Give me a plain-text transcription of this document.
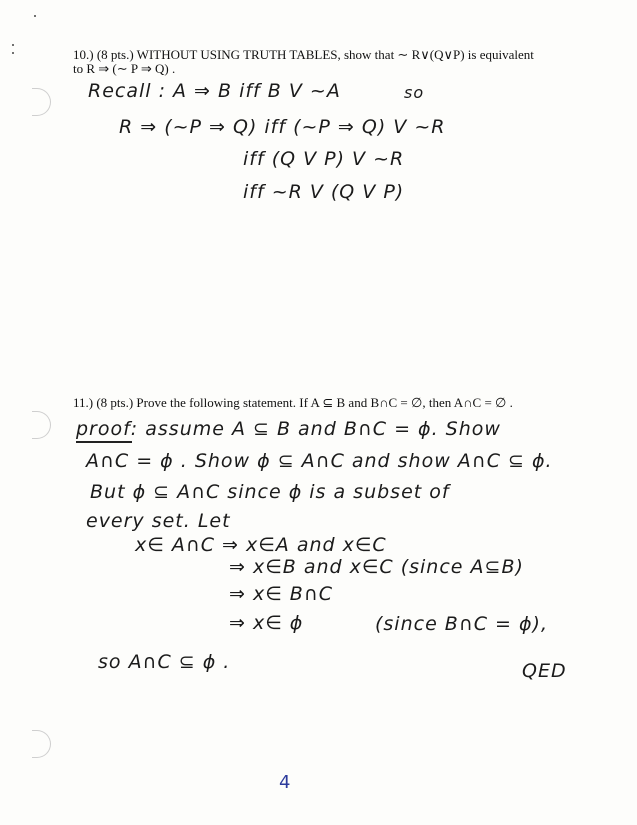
10.) (8 pts.) WITHOUT USING TRUTH TABLES, show that ∼ R∨(Q∨P) is equivalent
to R ⇒ (∼ P ⇒ Q) .
Recall : A ⇒ B iff B V ~A	so
R ⇒ (~P ⇒ Q) iff (~P ⇒ Q) V ~R
iff (Q V P) V ~R
iff ~R V (Q V P)
11.) (8 pts.) Prove the following statement. If A ⊆ B and B∩C = ∅, then A∩C = ∅ .
proof: assume A ⊆ B and B∩C = ϕ. Show
A∩C = ϕ . Show ϕ ⊆ A∩C and show A∩C ⊆ ϕ.
But ϕ ⊆ A∩C since ϕ is a subset of
every set. Let
x∈ A∩C ⇒ x∈A and x∈C
⇒ x∈B and x∈C (since A⊆B)
⇒ x∈ B∩C
⇒ x∈ ϕ	(since B∩C = ϕ),
so A∩C ⊆ ϕ .	QED
4
